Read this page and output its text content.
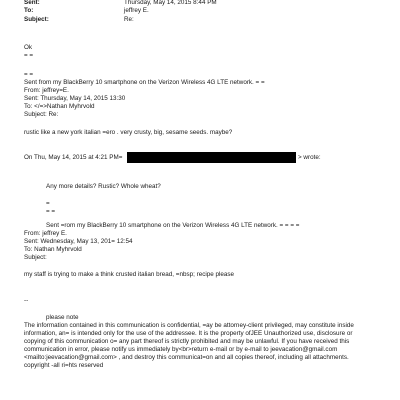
Sent:	Thursday, May 14, 2015 8:44 PM
To:	jeffrey E.
Subject:	Re:
Ok
= =
= =
Sent from my BlackBerry 10 smartphone on the Verizon Wireless 4G LTE network. = =
From: jeffrey=E.
Sent: Thursday, May 14, 2015 13:30
To: </=>Nathan Myhrvold
Subject: Re:
rustic like a new york italian =ero . very crusty, big, sesame seeds. maybe?
On Thu, May 14, 2015 at 4:21 PM=	> wrote:
Any more details? Rustic? Whole wheat?
=
= =
Sent =rom my BlackBerry 10 smartphone on the Verizon Wireless 4G LTE network. = = = =
From: jeffrey E.
Sent: Wednesday, May 13, 201= 12:54
To: Nathan Myhrvold
Subject:
my staff is trying to make a think crusted italian bread, =nbsp; recipe please
--
please note
The information contained in this communication is confidential, =ay be attorney-client privileged, may constitute inside
information, an= is intended only for the use of the addressee. It is the property ofJEE Unauthorized use, disclosure or
copying of this communication o= any part thereof is strictly prohibited and may be unlawful. If you have received this
communication in error, please notify us immediately by<br>return e-mail or by e-mail to jeevacation@gmail.com
<mailto:jeevacation@gmail.com> , and destroy this communicat=on and all copies thereof, including all attachments.
copyright -all ri=hts reserved
